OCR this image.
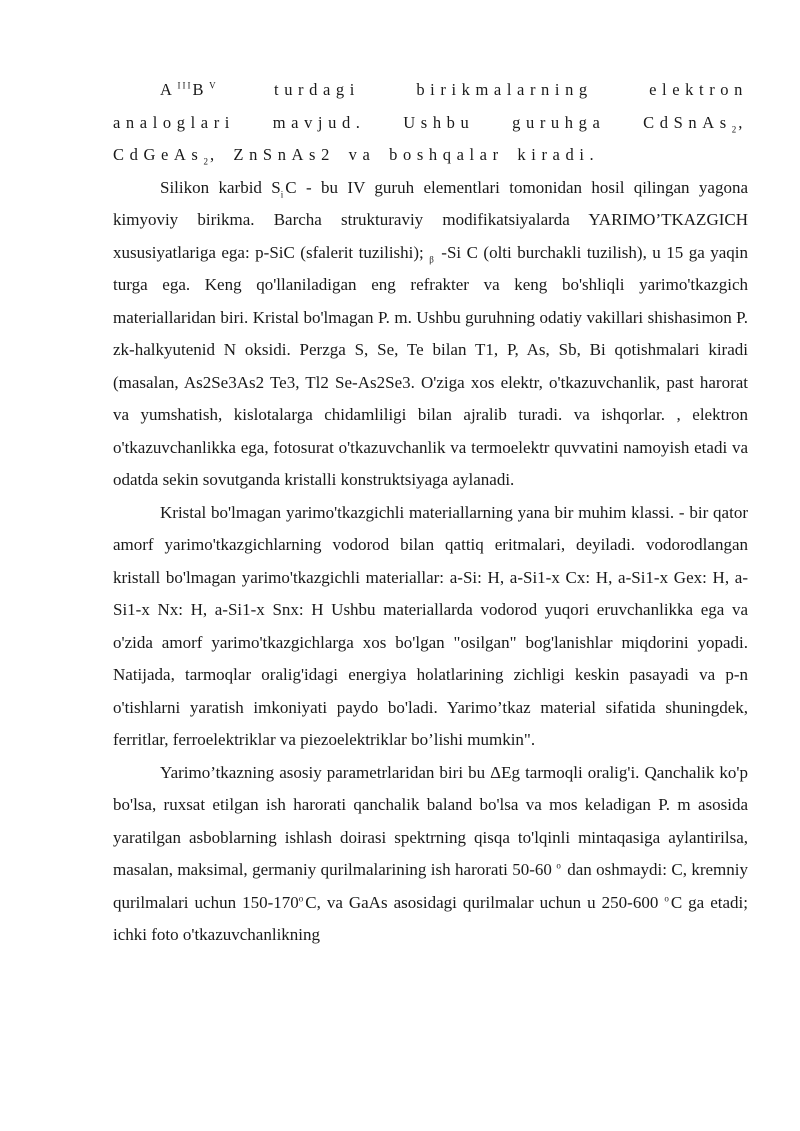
$A^{III}B^V$	turdagi birikmalarning elektron
analoglari mavjud. Ushbu guruhga CdSnAs$_2$,
CdGeAs$_2$, ZnSnAs2 va boshqalar kiradi.

Silikon karbid $S_iC$ - bu IV guruh elementlari tomonidan hosil qilingan yagona kimyoviy birikma. Barcha strukturaviy modifikatsiyalarda YARIMO’TKAZGICH xususiyatlariga ega: p-SiC (sfalerit tuzilishi); $_\beta$ -Si C (olti burchakli tuzilish), u 15 ga yaqin turga ega. Keng qo'llaniladigan eng refrakter va keng bo'shliqli yarimo'tkazgich materiallaridan biri. Kristal bo'lmagan P. m. Ushbu guruhning odatiy vakillari shishasimon P. zk-halkyutenid N oksidi. Perzga S, Se, Te bilan T1, P, As, Sb, Bi qotishmalari kiradi (masalan, As2Se3As2 Te3, Tl2 Se-As2Se3. O'ziga xos elektr, o'tkazuvchanlik, past harorat va yumshatish, kislotalarga chidamliligi bilan ajralib turadi. va ishqorlar. , elektron o'tkazuvchanlikka ega, fotosurat o'tkazuvchanlik va termoelektr quvvatini namoyish etadi va odatda sekin sovutganda kristalli konstruktsiyaga aylanadi.

Kristal bo'lmagan yarimo'tkazgichli materiallarning yana bir muhim klassi. - bir qator amorf yarimo'tkazgichlarning vodorod bilan qattiq eritmalari, deyiladi. vodorodlangan kristall bo'lmagan yarimo'tkazgichli materiallar: a-Si: H, a-Si1-x Cx: H, a-Si1-x Gex: H, a-Si1-x Nx: H, a-Si1-x Snx: H Ushbu materiallarda vodorod yuqori eruvchanlikka ega va o'zida amorf yarimo'tkazgichlarga xos bo'lgan "osilgan" bog'lanishlar miqdorini yopadi. Natijada, tarmoqlar oralig'idagi energiya holatlarining zichligi keskin pasayadi va p-n o'tishlarni yaratish imkoniyati paydo bo'ladi. Yarimo’tkaz material sifatida shuningdek, ferritlar, ferroelektriklar va piezoelektriklar bo’lishi mumkin".

Yarimo’tkazning asosiy parametrlaridan biri bu ΔEg tarmoqli oralig'i. Qanchalik ko'p bo'lsa, ruxsat etilgan ish harorati qanchalik baland bo'lsa va mos keladigan P. m asosida yaratilgan asboblarning ishlash doirasi spektrning qisqa to'lqinli mintaqasiga aylantirilsa, masalan, maksimal, germaniy qurilmalarining ish harorati 50-60 $^o$ dan oshmaydi: C, kremniy qurilmalari uchun 150-170$^o$C, va GaAs asosidagi qurilmalar uchun u 250-600 $^o$C ga etadi; ichki foto o'tkazuvchanlikning
